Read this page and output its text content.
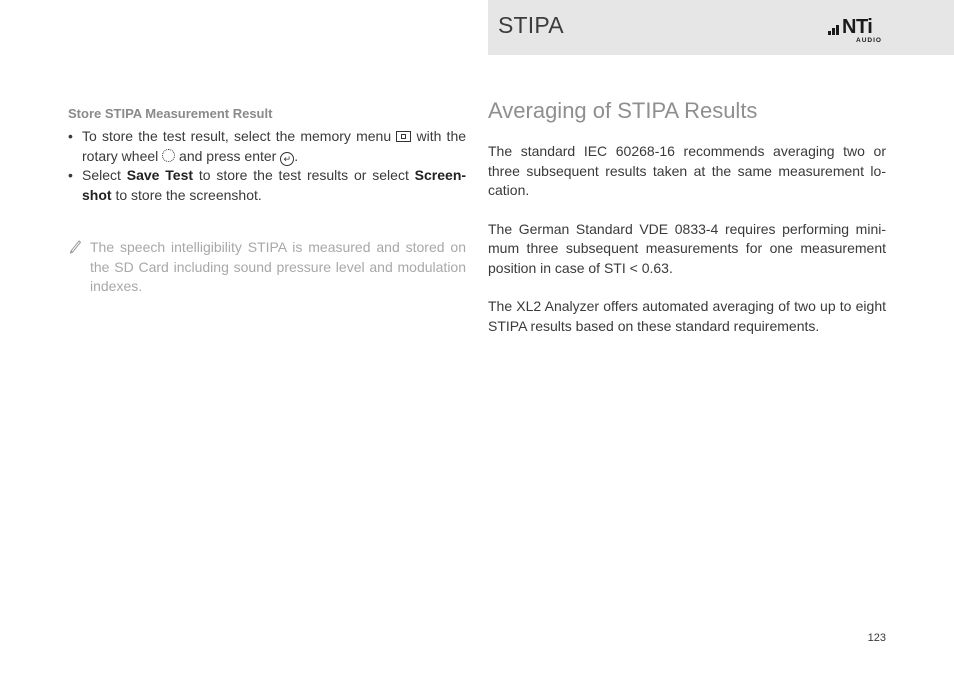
STIPA	NTi
AUDIO
Store STIPA Measurement Result
• To store the test result, select the memory menu with the rotary wheel and press enter ↵ .
• Select Save Test to store the test results or select Screen-shot to store the screenshot.
The speech intelligibility STIPA is measured and stored on the SD Card including sound pressure level and modulation indexes.
Averaging of STIPA Results

The standard IEC 60268-16 recommends averaging two or three subsequent results taken at the same measurement lo-cation.

The German Standard VDE 0833-4 requires performing mini-mum three subsequent measurements for one measurement position in case of STI < 0.63.

The XL2 Analyzer offers automated averaging of two up to eight STIPA results based on these standard requirements.

123
